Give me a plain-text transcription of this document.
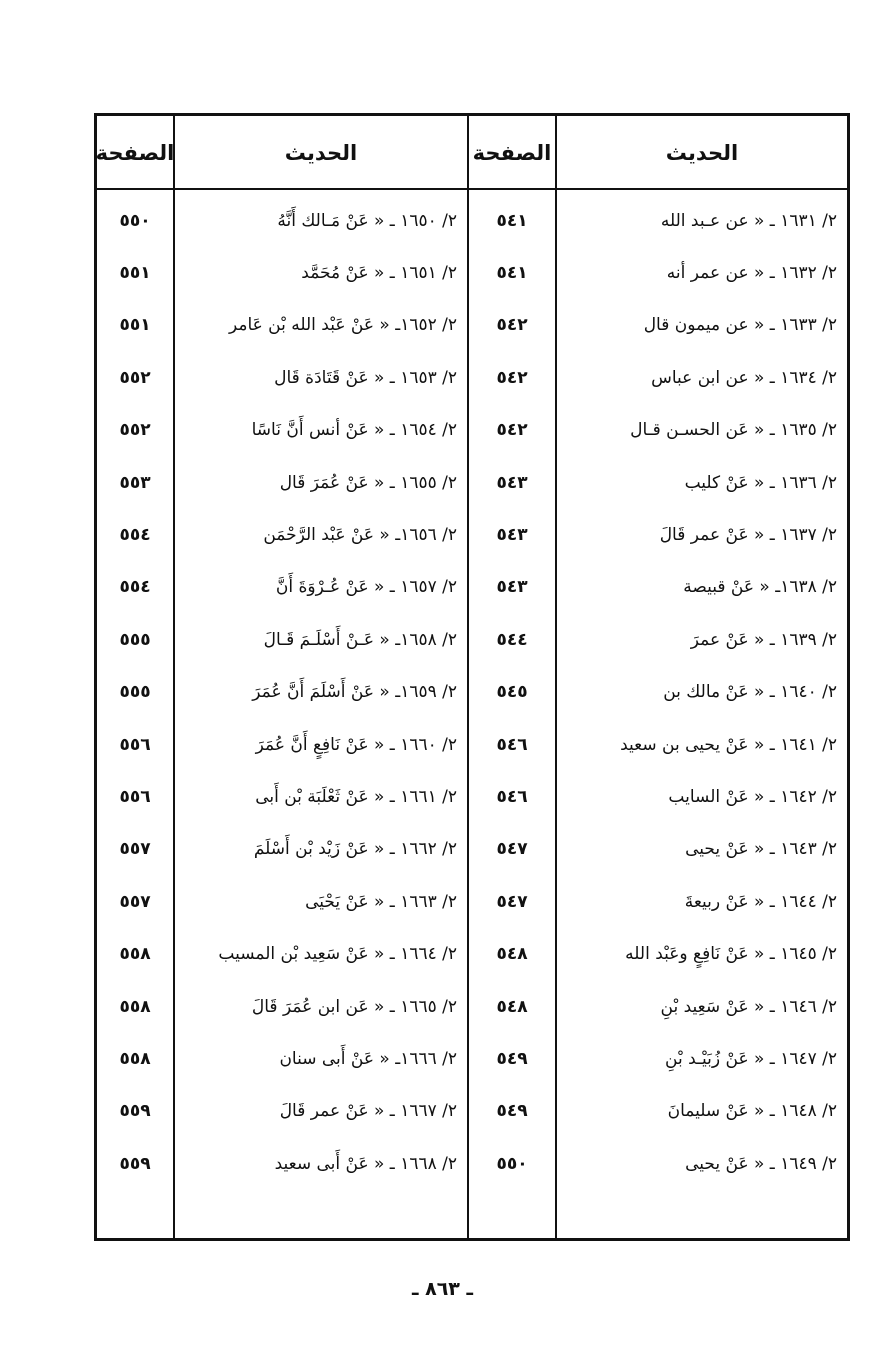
الحديث
الصفحة
الحديث
الصفحة
٢/ ١٦٣١ ـ « عن عـبد الله
٥٤١
٢/ ١٦٥٠ ـ « عَنْ مَـالك أَنَّهُ
٥٥٠
٢/ ١٦٣٢ ـ « عن عمر أنه
٥٤١
٢/ ١٦٥١ ـ « عَنْ مُحَمَّد
٥٥١
٢/ ١٦٣٣ ـ « عن ميمون قال
٥٤٢
٢/ ١٦٥٢ـ « عَنْ عَبْد الله بْن عَامر
٥٥١
٢/ ١٦٣٤ ـ « عن ابن عباس
٥٤٢
٢/ ١٦٥٣ ـ « عَنْ قَتَادَة قَال
٥٥٢
٢/ ١٦٣٥ ـ « عَن الحسـن قـال
٥٤٢
٢/ ١٦٥٤ ـ « عَنْ أنس أَنَّ نَاسًا
٥٥٢
٢/ ١٦٣٦ ـ « عَنْ كليب
٥٤٣
٢/ ١٦٥٥ ـ « عَنْ عُمَرَ قَال
٥٥٣
٢/ ١٦٣٧ ـ « عَنْ عمر قَالَ
٥٤٣
٢/ ١٦٥٦ـ « عَنْ عَبْد الرَّحْمَن
٥٥٤
٢/ ١٦٣٨ـ « عَنْ قبيصة
٥٤٣
٢/ ١٦٥٧ ـ « عَنْ عُـرْوَةَ أَنَّ
٥٥٤
٢/ ١٦٣٩ ـ « عَنْ عمرَ
٥٤٤
٢/ ١٦٥٨ـ « عَـنْ أَسْلَـمَ قَـالَ
٥٥٥
٢/ ١٦٤٠ ـ « عَنْ مالك بن
٥٤٥
٢/ ١٦٥٩ـ « عَنْ أَسْلَمَ أَنَّ عُمَرَ
٥٥٥
٢/ ١٦٤١ ـ « عَنْ يحيى بن سعيد
٥٤٦
٢/ ١٦٦٠ ـ « عَنْ نَافِعٍ أَنَّ عُمَرَ
٥٥٦
٢/ ١٦٤٢ ـ « عَنْ السايب
٥٤٦
٢/ ١٦٦١ ـ « عَنْ ثَعْلَبَة بْن أَبى
٥٥٦
٢/ ١٦٤٣ ـ « عَنْ يحيى
٥٤٧
٢/ ١٦٦٢ ـ « عَنْ زَيْد بْن أَسْلَمَ
٥٥٧
٢/ ١٦٤٤ ـ « عَنْ ربيعةَ
٥٤٧
٢/ ١٦٦٣ ـ « عَنْ يَحْيَى
٥٥٧
٢/ ١٦٤٥ ـ « عَنْ نَافِعٍ وعَبْد الله
٥٤٨
٢/ ١٦٦٤ ـ « عَنْ سَعِيد بْن المسيب
٥٥٨
٢/ ١٦٤٦ ـ « عَنْ سَعِيد بْنِ
٥٤٨
٢/ ١٦٦٥ ـ « عَن ابن عُمَرَ قَالَ
٥٥٨
٢/ ١٦٤٧ ـ « عَنْ زُبَيْـد بْنِ
٥٤٩
٢/ ١٦٦٦ـ « عَنْ أَبى سنان
٥٥٨
٢/ ١٦٤٨ ـ « عَنْ سليمانَ
٥٤٩
٢/ ١٦٦٧ ـ « عَنْ عمر قَالَ
٥٥٩
٢/ ١٦٤٩ ـ « عَنْ يحيى
٥٥٠
٢/ ١٦٦٨ ـ « عَنْ أَبى سعيد
٥٥٩
ـ ٨٦٣ ـ
